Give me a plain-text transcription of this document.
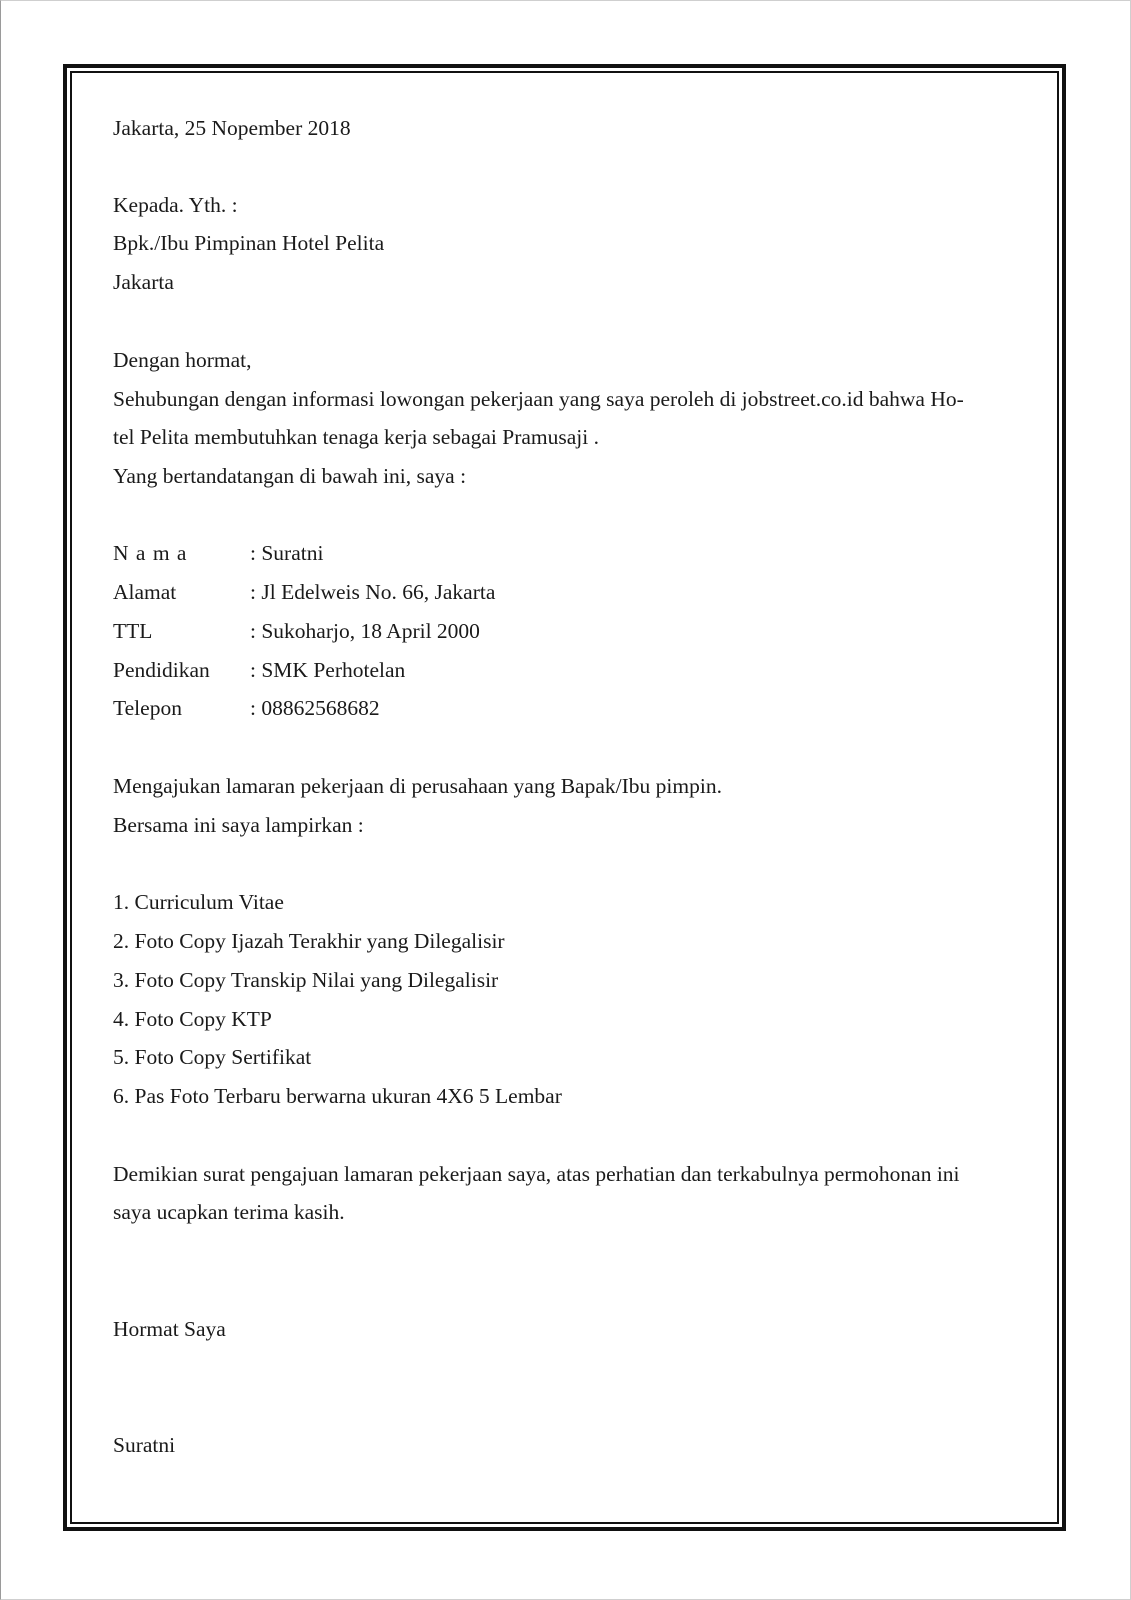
Jakarta, 25 Nopember 2018
Kepada. Yth. :
Bpk./Ibu Pimpinan Hotel Pelita
Jakarta
Dengan hormat,
Sehubungan dengan informasi lowongan pekerjaan yang saya peroleh di jobstreet.co.id bahwa Ho-
tel Pelita membutuhkan tenaga kerja sebagai Pramusaji .
Yang bertandatangan di bawah ini, saya :
N a m a	: Suratni
Alamat	: Jl Edelweis No. 66, Jakarta
TTL	: Sukoharjo, 18 April 2000
Pendidikan : SMK Perhotelan
Telepon	: 08862568682
Mengajukan lamaran pekerjaan di perusahaan yang Bapak/Ibu pimpin.
Bersama ini saya lampirkan :
1. Curriculum Vitae
2. Foto Copy Ijazah Terakhir yang Dilegalisir
3. Foto Copy Transkip Nilai yang Dilegalisir
4. Foto Copy KTP
5. Foto Copy Sertifikat
6. Pas Foto Terbaru berwarna ukuran 4X6 5 Lembar
Demikian surat pengajuan lamaran pekerjaan saya, atas perhatian dan terkabulnya permohonan ini
saya ucapkan terima kasih.
Hormat Saya
Suratni
